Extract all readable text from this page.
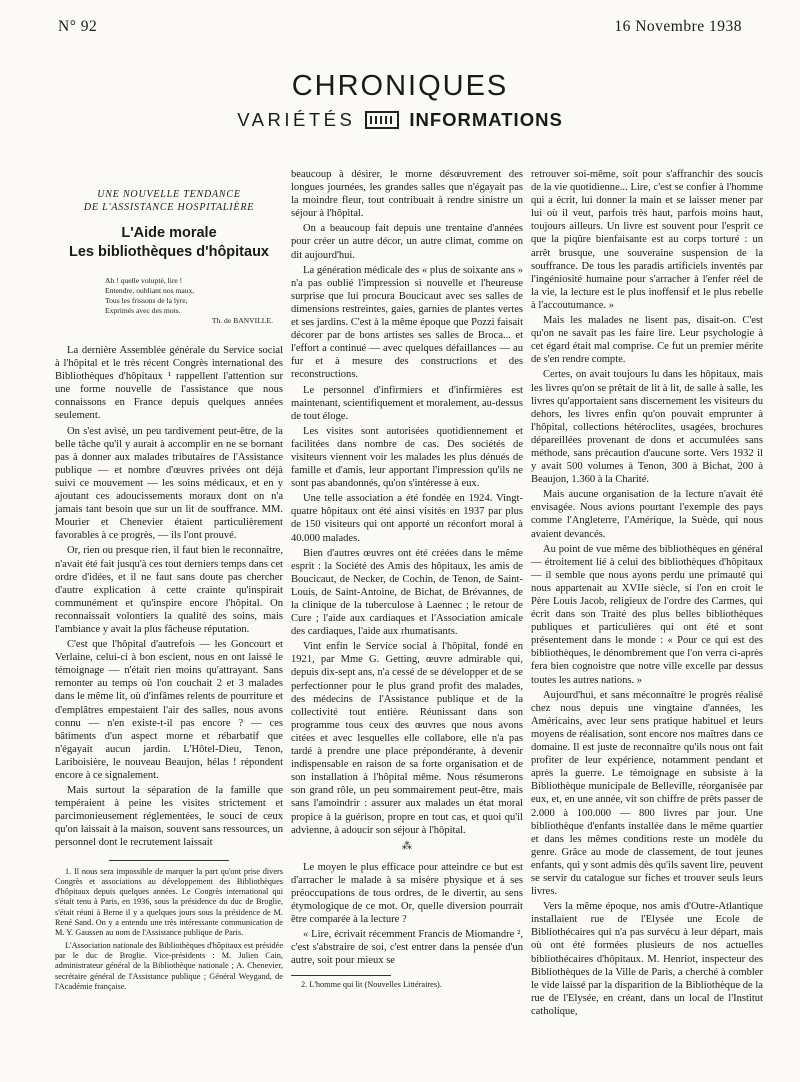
N° 92	16 Novembre 1938
CHRONIQUES
VARIÉTÉS	INFORMATIONS
UNE NOUVELLE TENDANCE
DE L'ASSISTANCE HOSPITALIÈRE
L'Aide morale
Les bibliothèques d'hôpitaux
Ah ! quelle volupté, lire !
Entendre, oubliant nos maux,
Tous les frissons de la lyre,
Exprimés avec des mots.
Th. de BANVILLE.

La dernière Assemblée générale du Service social à l'hôpital et le très récent Congrès international des Bibliothèques d'hôpitaux ¹ rappellent l'attention sur une forme nouvelle de l'assistance que nous connaissons en France depuis quelques années seulement.

On s'est avisé, un peu tardivement peut-être, de la belle tâche qu'il y aurait à accomplir en ne se bornant pas à donner aux malades tributaires de l'Assistance publique — et nombre d'œuvres privées ont déjà suivi ce mouvement — les soins médicaux, et en y ajoutant ces adoucissements moraux dont on n'a jamais tant besoin que sur un lit de souffrance. MM. Mourier et Chenevier étaient particulièrement favorables à ce progrès, — ils l'ont prouvé.

Or, rien ou presque rien, il faut bien le reconnaître, n'avait été fait jusqu'à ces tout derniers temps dans cet ordre d'idées, et il ne faut sans doute pas chercher d'autre explication à cette crainte qu'inspirait communément et qu'inspire encore l'hôpital. On reconnaissait volontiers la qualité des soins, mais l'ambiance y avait la plus fâcheuse réputation.

C'est que l'hôpital d'autrefois — les Goncourt et Verlaine, celui-ci à bon escient, nous en ont laissé le témoignage — n'était rien moins qu'attrayant. Sans remonter au temps où l'on couchait 2 et 3 malades dans le même lit, où d'infâmes relents de pourriture et d'emplâtres empestaient l'air des salles, nous avons connu — n'en existe-t-il pas encore ? — ces bâtiments d'un aspect morne et rébarbatif que n'égayait aucun jardin. L'Hôtel-Dieu, Tenon, Lariboisière, le nouveau Beaujon, hélas ! répondent encore à ce signalement.

Mais surtout la séparation de la famille que tempéraient à peine les visites strictement et parcimonieusement réglementées, le souci de ceux qu'on laissait à la maison, souvent sans ressources, un personnel dont le recrutement laissait

1. Il nous sera impossible de marquer la part qu'ont prise divers Congrès et associations au développement des Bibliothèques d'hôpitaux depuis quelques années. Le Congrès international qui s'était tenu à Paris, en 1936, sous la présidence du duc de Broglie, s'était réuni à Berne il y a quelques jours sous la présidence de M. René Sand. On y a entendu une très intéressante communication de M. Y. Gaussen au nom de l'Assistance publique de Paris.

L'Association nationale des Bibliothèques d'hôpitaux est présidée par le duc de Broglie. Vice-présidents : M. Julien Cain, administrateur général de la Bibliothèque nationale ; A. Chenevier, secrétaire général de l'Assistance publique ; Général Weygand, de l'Académie française.

beaucoup à désirer, le morne désœuvrement des longues journées, les grandes salles que n'égayait pas la moindre fleur, tout contribuait à rendre sinistre un séjour à l'hôpital.

On a beaucoup fait depuis une trentaine d'années pour créer un autre décor, un autre climat, comme on dit aujourd'hui.

La génération médicale des « plus de soixante ans » n'a pas oublié l'impression si nouvelle et l'heureuse surprise que lui procura Boucicaut avec ses salles de dimensions restreintes, gaies, garnies de plantes vertes et ses jardins. C'est à la même époque que Pozzi faisait décorer par de bons artistes ses salles de Broca... et l'effort a continué — avec quelques défaillances — au fur et à mesure des constructions et des reconstructions.

Le personnel d'infirmiers et d'infirmières est maintenant, scientifiquement et moralement, au-dessus de tout éloge.

Les visites sont autorisées quotidiennement et facilitées dans nombre de cas. Des sociétés de visiteurs viennent voir les malades les plus dénués de famille et d'amis, leur apportant l'impression qu'ils ne sont pas abandonnés, qu'on s'intéresse à eux.

Une telle association a été fondée en 1924. Vingt-quatre hôpitaux ont été ainsi visités en 1937 par plus de 150 visiteurs qui ont apporté un réconfort moral à 40.000 malades.

Bien d'autres œuvres ont été créées dans le même esprit : la Société des Amis des hôpitaux, les amis de Boucicaut, de Necker, de Cochin, de Tenon, de Saint-Louis, de Saint-Antoine, de Bichat, de Brévannes, de la clinique de la tuberculose à Laennec ; le retour de Cure ; l'aide aux cardiaques et l'Association amicale des cardiaques, l'aide aux rhumatisants.

Vint enfin le Service social à l'hôpital, fondé en 1921, par Mme G. Getting, œuvre admirable qui, depuis dix-sept ans, n'a cessé de se développer et de se perfectionner pour le plus grand profit des malades, des médecins de l'Assistance publique et de la collectivité tout entière. Réunissant dans son programme tous ceux des œuvres que nous avons citées et avec lesquelles elle collabore, elle n'a pas tardé à prendre une place prépondérante, à devenir indispensable en raison de sa forte organisation et de son installation à l'hôpital même. Nous résumerons son grand rôle, un peu sommairement peut-être, mais sans l'amoindrir : assurer aux malades un état moral propice à la guérison, propre en tout cas, et quoi qu'il advienne, à adoucir son séjour à l'hôpital.

⁂

Le moyen le plus efficace pour atteindre ce but est d'arracher le malade à sa misère physique et à ses préoccupations de tous ordres, de le divertir, au sens étymologique de ce mot. Or, quelle diversion pourrait être comparée à la lecture ?

« Lire, écrivait récemment Francis de Miomandre ², c'est s'abstraire de soi, c'est entrer dans la pensée d'un autre, soit pour mieux se

2. L'homme qui lit (Nouvelles Littéraires).

retrouver soi-même, soit pour s'affranchir des soucis de la vie quotidienne... Lire, c'est se confier à l'homme qui a écrit, lui donner la main et se laisser mener par lui où il veut, parfois très haut, parfois moins haut, toujours ailleurs. Un livre est souvent pour l'esprit ce que la piqûre bienfaisante est au corps torturé : un arrêt brusque, une souveraine suspension de la souffrance. De tous les paradis artificiels inventés par l'ingéniosité humaine pour s'arracher à l'enfer réel de la vie, la lecture est le plus inoffensif et le plus rebelle à l'accoutumance. »

Mais les malades ne lisent pas, disait-on. C'est qu'on ne savait pas les faire lire. Leur psychologie à cet égard était mal comprise. Ce fut un premier mérite de s'en rendre compte.

Certes, on avait toujours lu dans les hôpitaux, mais les livres qu'on se prêtait de lit à lit, de salle à salle, les livres qu'apportaient sans discernement les visiteurs du dehors, les livres enfin qu'on pouvait emprunter à l'hôpital, collections hétéroclites, usagées, brochures dépareillées provenant de dons et accumulées sans méthode, sans précaution d'aucune sorte. Vers 1932 il y avait 500 volumes à Tenon, 300 à Bichat, 200 à Beaujon, 1.360 à la Charité.

Mais aucune organisation de la lecture n'avait été envisagée. Nous avions pourtant l'exemple des pays comme l'Angleterre, l'Amérique, la Suède, qui nous avaient devancés.

Au point de vue même des bibliothèques en général — étroitement lié à celui des bibliothèques d'hôpitaux — il semble que nous ayons perdu une primauté qui nous appartenait au XVIIe siècle, si l'on en croit le Père Louis Jacob, religieux de l'ordre des Carmes, qui écrit dans son Traité des plus belles bibliothèques publiques et particulières qui ont été et sont présentement dans le monde : « Pour ce qui est des bibliothèques, le dénombrement que l'on verra ci-après fera bien cognoistre que notre ville excelle par dessus toutes les autres nations. »

Aujourd'hui, et sans méconnaître le progrès réalisé chez nous depuis une vingtaine d'années, les Américains, avec leur sens pratique habituel et leurs moyens de réalisation, sont encore nos maîtres dans ce domaine. Il est juste de reconnaître qu'ils nous ont fait profiter de leur expérience, notamment pendant et après la guerre. Le témoignage en subsiste à la Bibliothèque municipale de Belleville, réorganisée par eux, et, en une année, vit son chiffre de prêts passer de 2.000 à 100.000 — 800 livres par jour. Une bibliothèque d'enfants installée dans le même quartier et dans les mêmes conditions reste un modèle du genre. Grâce au mode de classement, de tout jeunes enfants, qui y sont admis dès qu'ils savent lire, peuvent se servir du catalogue sur fiches et trouver seuls leurs livres.

Vers la même époque, nos amis d'Outre-Atlantique installaient rue de l'Elysée une Ecole de Bibliothécaires qui n'a pas survécu à leur départ, mais où ont été formées plusieurs de nos actuelles bibliothécaires d'hôpitaux. M. Henriot, inspecteur des Bibliothèques de la Ville de Paris, a cherché à combler le vide laissé par la disparition de la Bibliothèque de la rue de l'Elysée, en créant, dans un local de l'Institut catholique,
